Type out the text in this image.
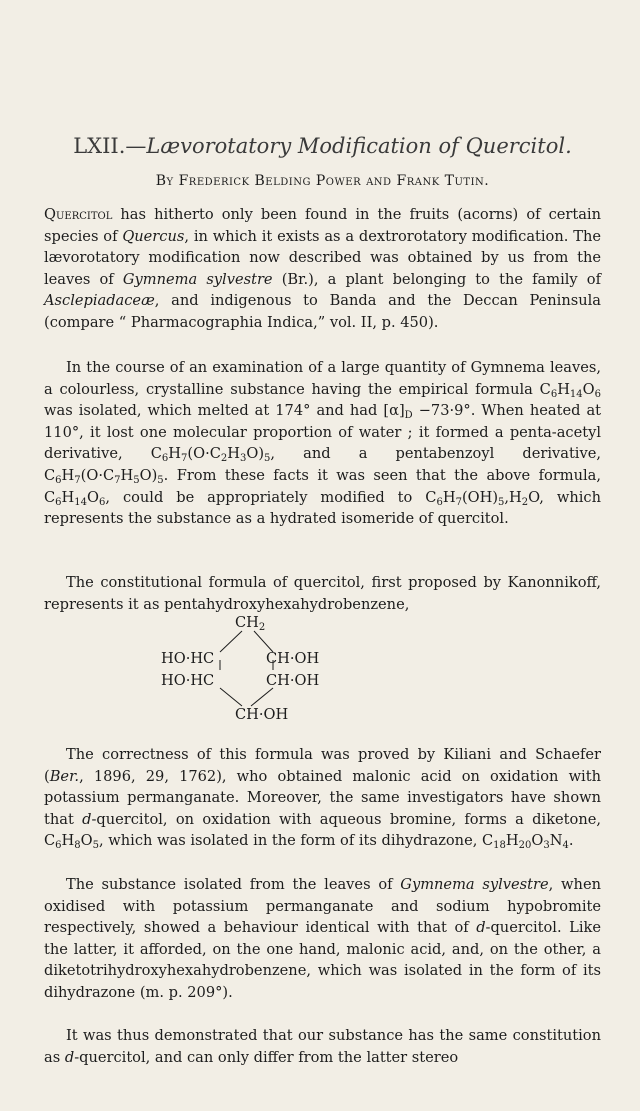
LXII.—Lævorotatory Modification of Quercitol.
By Frederick Belding Power and Frank Tutin.

Quercitol has hitherto only been found in the fruits (acorns) of certain species of Quercus, in which it exists as a dextrorotatory modification. The lævorotatory modification now described was obtained by us from the leaves of Gymnema sylvestre (Br.), a plant belonging to the family of Asclepiadaceæ, and indigenous to Banda and the Deccan Peninsula (compare “ Pharmacographia Indica,” vol. II, p. 450).

In the course of an examination of a large quantity of Gymnema leaves, a colourless, crystalline substance having the empirical formula $C_6H_{14}O_6$ was isolated, which melted at 174° and had $[\alpha]_D -73\cdot 9^\circ$. When heated at 110°, it lost one molecular proportion of water ; it formed a penta-acetyl derivative, $C_6H_7(O\cdot C_2H_3O)_5$, and a pentabenzoyl derivative, $C_6H_7(O\cdot C_7H_5O)_5$. From these facts it was seen that the above formula, $C_6H_{14}O_6$, could be appropriately modified to $C_6H_7(OH)_5,H_2O$, which represents the substance as a hydrated isomeride of quercitol.

The constitutional formula of quercitol, first proposed by Kanonnikoff, represents it as pentahydroxyhexahydrobenzene,

The correctness of this formula was proved by Kiliani and Schaefer (Ber., 1896, 29, 1762), who obtained malonic acid on oxidation with potassium permanganate. Moreover, the same investigators have shown that d-quercitol, on oxidation with aqueous bromine, forms a diketone, $C_6H_8O_5$, which was isolated in the form of its dihydrazone, $C_{18}H_{20}O_3N_4$.

The substance isolated from the leaves of Gymnema sylvestre, when oxidised with potassium permanganate and sodium hypobromite respectively, showed a behaviour identical with that of d-quercitol. Like the latter, it afforded, on the one hand, malonic acid, and, on the other, a diketotrihydroxyhexahydrobenzene, which was isolated in the form of its dihydrazone (m. p. 209°).

It was thus demonstrated that our substance has the same constitution as d-quercitol, and can only differ from the latter stereo

$CH_2$
HO·HC	CH·OH
HO·HC	CH·OH
CH·OH
